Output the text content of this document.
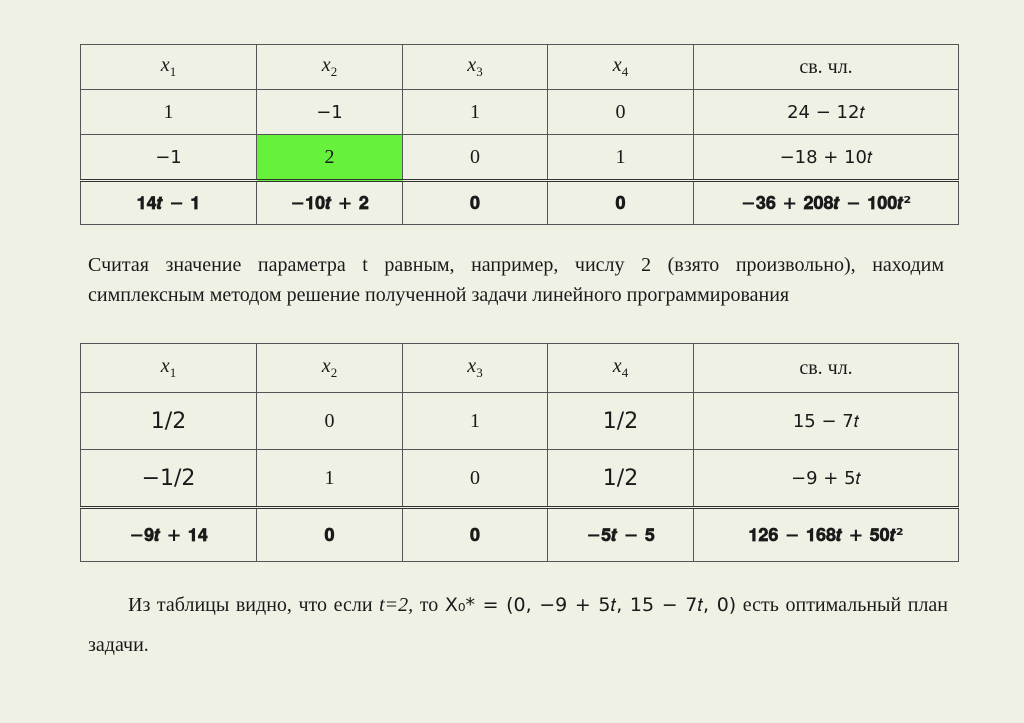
$x_1$	$x_2$	$x_3$	$x_4$	св. чл.
1	−1	1	0	24 − 12𝑡
−1	2	0	1	−18 + 10𝑡
𝟏𝟒𝒕 − 𝟏	−𝟏𝟎𝒕 + 𝟐	𝟎	𝟎	−𝟑𝟔 + 𝟐𝟎𝟖𝒕 − 𝟏𝟎𝟎𝒕²
Считая значение параметра t равным, например, числу 2 (взято произвольно), находим симплексным методом решение полученной задачи линейного программирования
$x_1$	$x_2$	$x_3$	$x_4$	св. чл.
1/2	0	1	1/2	15 − 7𝑡
−1/2	1	0	1/2	−9 + 5𝑡
−𝟗𝒕 + 𝟏𝟒	𝟎	𝟎	−𝟓𝒕 − 𝟓	𝟏𝟐𝟔 − 𝟏𝟔𝟖𝒕 + 𝟓𝟎𝒕²
Из таблицы видно, что если t=2, то X₀* = (0, −9 + 5𝑡, 15 − 7𝑡, 0) есть оптимальный план задачи.
